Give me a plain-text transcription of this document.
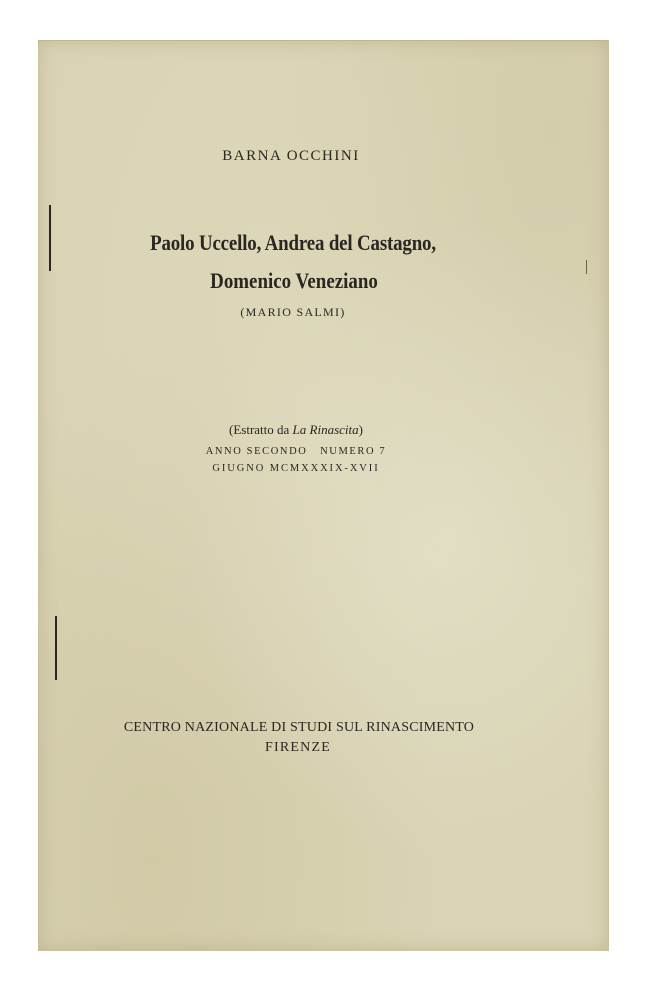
BARNA OCCHINI
Paolo Uccello, Andrea del Castagno,
Domenico Veneziano
(MARIO SALMI)
(Estratto da La Rinascita)
ANNO SECONDO   NUMERO 7
GIUGNO MCMXXXIX-XVII
CENTRO NAZIONALE DI STUDI SUL RINASCIMENTO
FIRENZE
